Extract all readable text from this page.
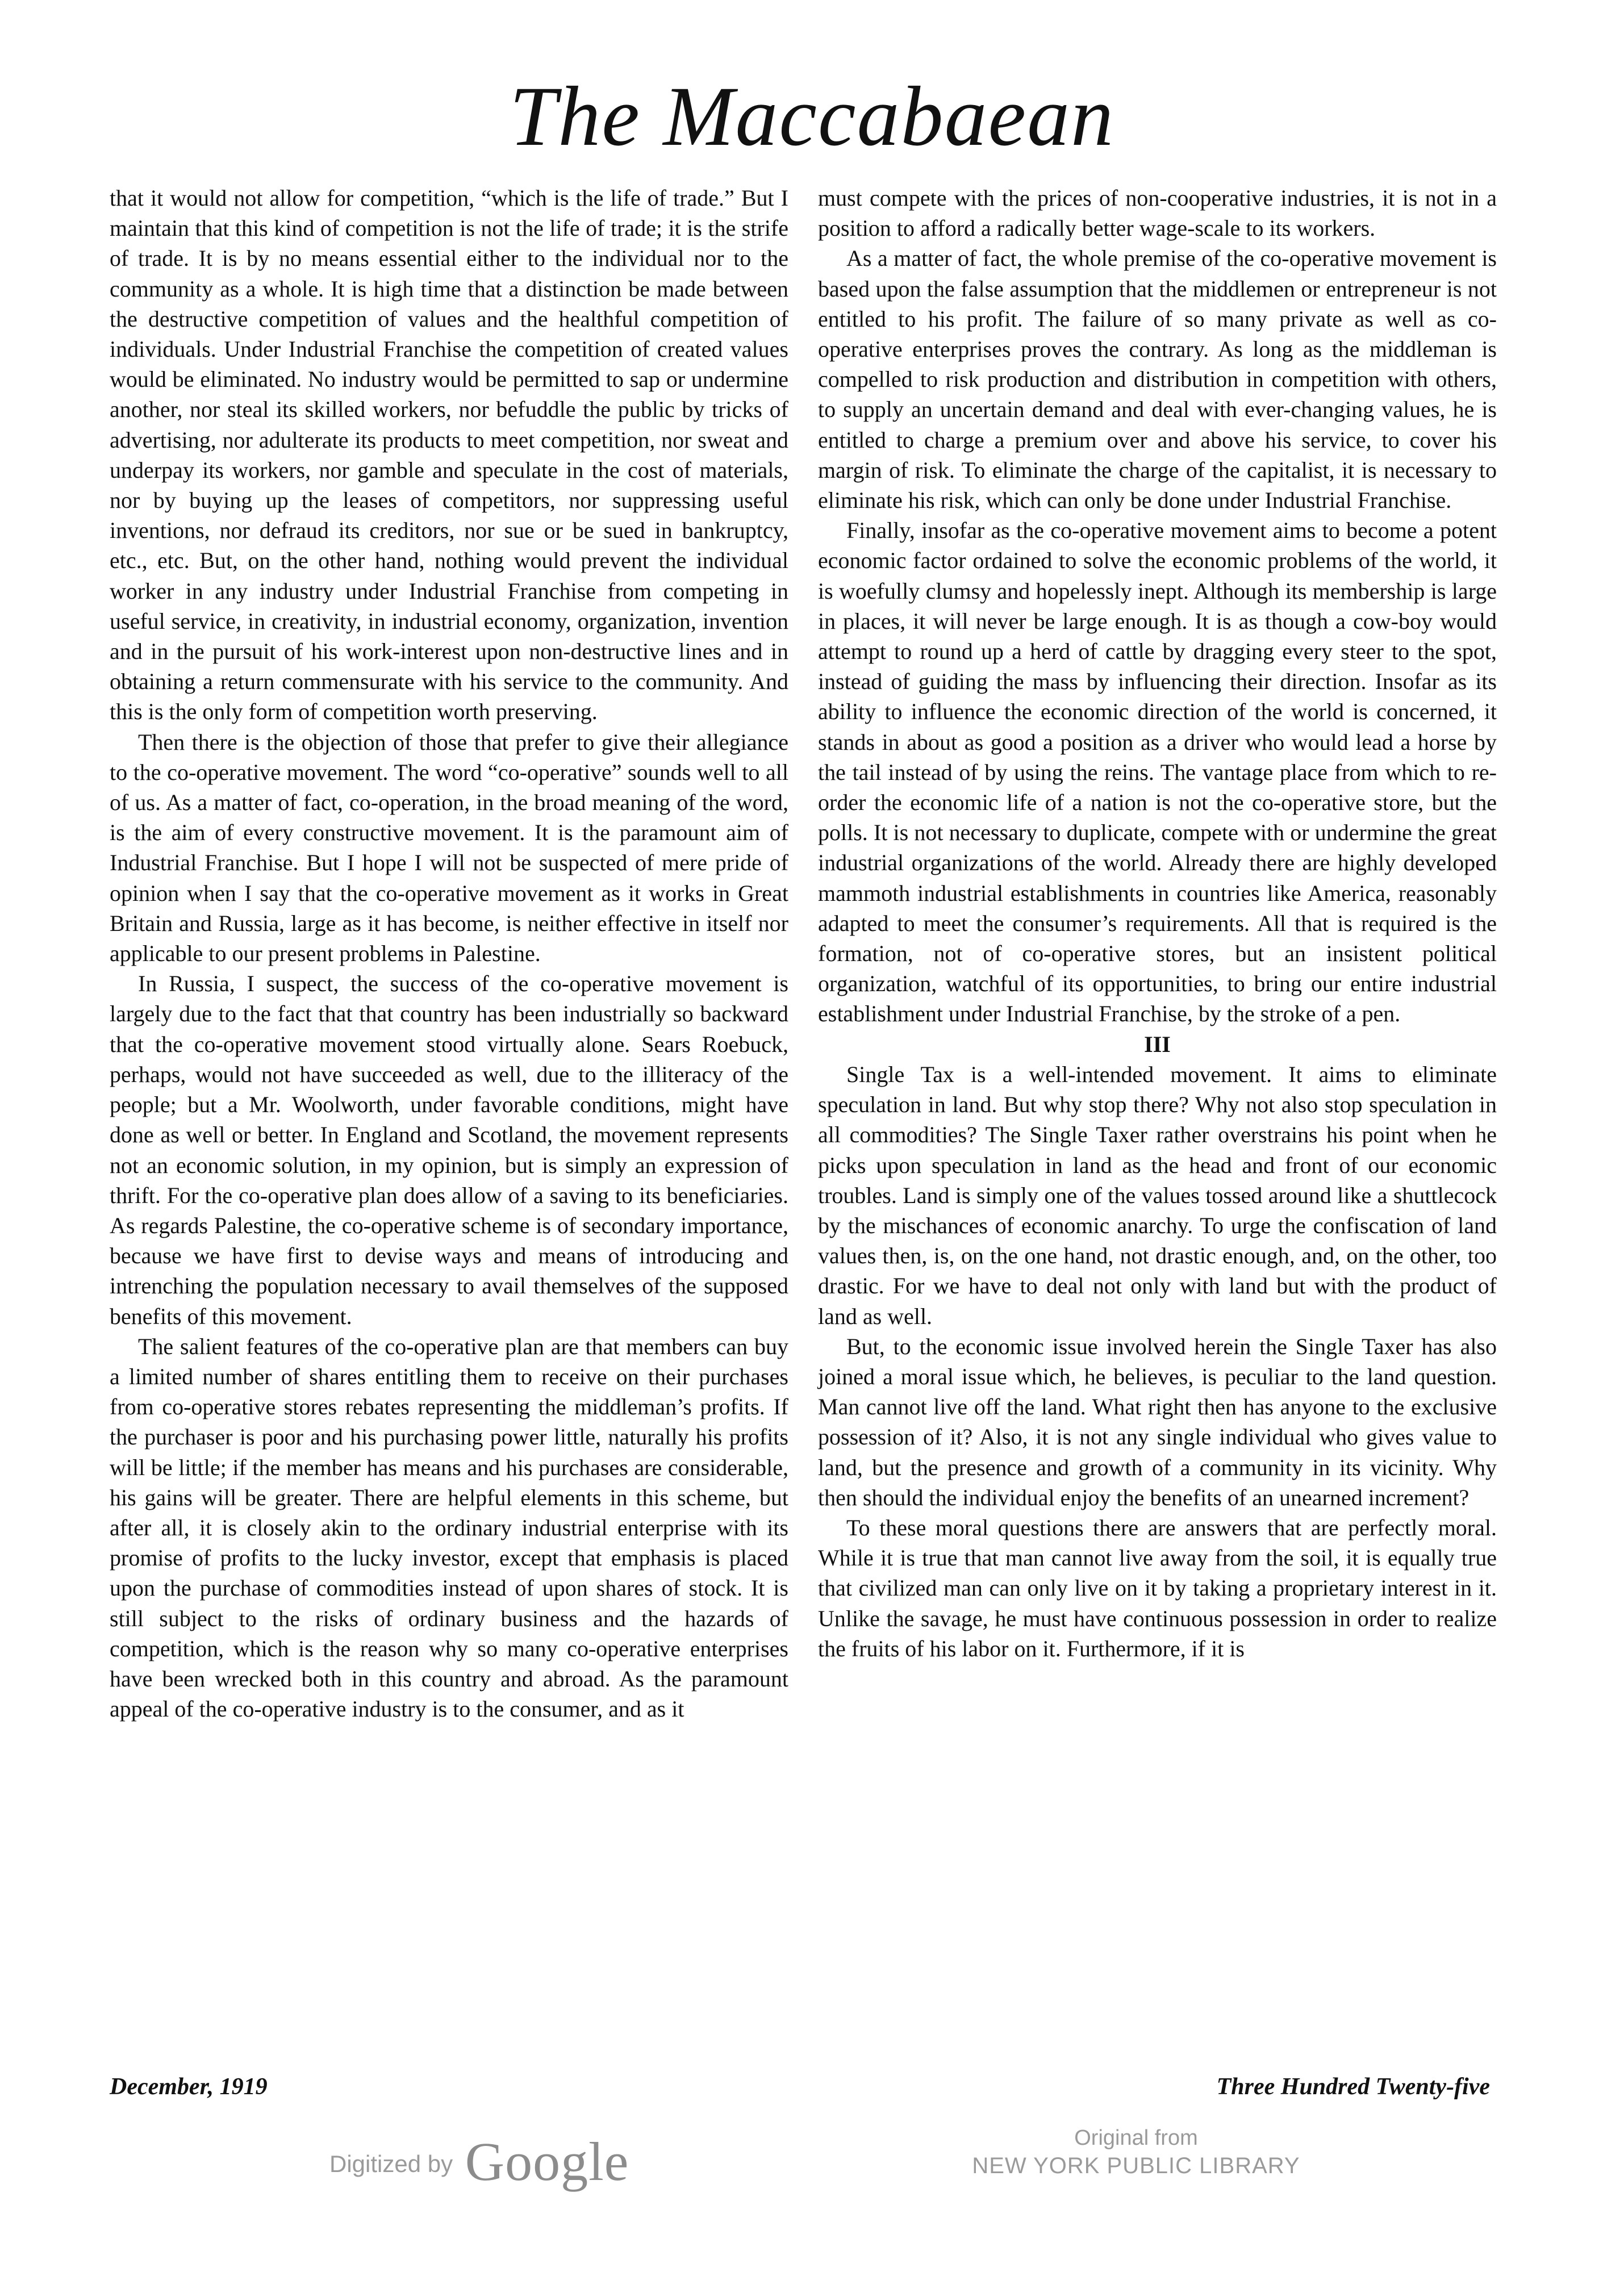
The Maccabaean

that it would not allow for competition, “which is the life of trade.” But I maintain that this kind of competition is not the life of trade; it is the strife of trade. It is by no means essential either to the individual nor to the community as a whole. It is high time that a distinction be made between the destructive competition of values and the healthful competition of individuals. Under Industrial Franchise the competition of created values would be eliminated. No industry would be permitted to sap or undermine another, nor steal its skilled workers, nor befuddle the public by tricks of advertising, nor adulterate its products to meet competition, nor sweat and underpay its workers, nor gamble and speculate in the cost of materials, nor by buying up the leases of competitors, nor suppressing useful inventions, nor defraud its creditors, nor sue or be sued in bankruptcy, etc., etc. But, on the other hand, nothing would prevent the individual worker in any industry under Industrial Franchise from competing in useful service, in creativity, in industrial economy, organization, invention and in the pursuit of his work-interest upon non-destructive lines and in obtaining a return commensurate with his service to the community. And this is the only form of competition worth preserving.

Then there is the objection of those that prefer to give their allegiance to the co-operative movement. The word “co-operative” sounds well to all of us. As a matter of fact, co-operation, in the broad meaning of the word, is the aim of every constructive movement. It is the paramount aim of Industrial Franchise. But I hope I will not be suspected of mere pride of opinion when I say that the co-operative movement as it works in Great Britain and Russia, large as it has become, is neither effective in itself nor applicable to our present problems in Palestine.

In Russia, I suspect, the success of the co-operative movement is largely due to the fact that that country has been industrially so backward that the co-operative movement stood virtually alone. Sears Roebuck, perhaps, would not have succeeded as well, due to the illiteracy of the people; but a Mr. Woolworth, under favorable conditions, might have done as well or better. In England and Scotland, the movement represents not an economic solution, in my opinion, but is simply an expression of thrift. For the co-operative plan does allow of a saving to its beneficiaries. As regards Palestine, the co-operative scheme is of secondary importance, because we have first to devise ways and means of introducing and intrenching the population necessary to avail themselves of the supposed benefits of this movement.

The salient features of the co-operative plan are that members can buy a limited number of shares entitling them to receive on their purchases from co-operative stores rebates representing the middleman’s profits. If the purchaser is poor and his purchasing power little, naturally his profits will be little; if the member has means and his purchases are considerable, his gains will be greater. There are helpful elements in this scheme, but after all, it is closely akin to the ordinary industrial enterprise with its promise of profits to the lucky investor, except that emphasis is placed upon the purchase of commodities instead of upon shares of stock. It is still subject to the risks of ordinary business and the hazards of competition, which is the reason why so many co-operative enterprises have been wrecked both in this country and abroad. As the paramount appeal of the co-operative industry is to the consumer, and as it

must compete with the prices of non-cooperative industries, it is not in a position to afford a radically better wage-scale to its workers.

As a matter of fact, the whole premise of the co-operative movement is based upon the false assumption that the middlemen or entrepreneur is not entitled to his profit. The failure of so many private as well as co-operative enterprises proves the contrary. As long as the middleman is compelled to risk production and distribution in competition with others, to supply an uncertain demand and deal with ever-changing values, he is entitled to charge a premium over and above his service, to cover his margin of risk. To eliminate the charge of the capitalist, it is necessary to eliminate his risk, which can only be done under Industrial Franchise.

Finally, insofar as the co-operative movement aims to become a potent economic factor ordained to solve the economic problems of the world, it is woefully clumsy and hopelessly inept. Although its membership is large in places, it will never be large enough. It is as though a cow-boy would attempt to round up a herd of cattle by dragging every steer to the spot, instead of guiding the mass by influencing their direction. Insofar as its ability to influence the economic direction of the world is concerned, it stands in about as good a position as a driver who would lead a horse by the tail instead of by using the reins. The vantage place from which to re-order the economic life of a nation is not the co-operative store, but the polls. It is not necessary to duplicate, compete with or undermine the great industrial organizations of the world. Already there are highly developed mammoth industrial establishments in countries like America, reasonably adapted to meet the consumer’s requirements. All that is required is the formation, not of co-operative stores, but an insistent political organization, watchful of its opportunities, to bring our entire industrial establishment under Industrial Franchise, by the stroke of a pen.

III

Single Tax is a well-intended movement. It aims to eliminate speculation in land. But why stop there? Why not also stop speculation in all commodities? The Single Taxer rather overstrains his point when he picks upon speculation in land as the head and front of our economic troubles. Land is simply one of the values tossed around like a shuttlecock by the mischances of economic anarchy. To urge the confiscation of land values then, is, on the one hand, not drastic enough, and, on the other, too drastic. For we have to deal not only with land but with the product of land as well.

But, to the economic issue involved herein the Single Taxer has also joined a moral issue which, he believes, is peculiar to the land question. Man cannot live off the land. What right then has anyone to the exclusive possession of it? Also, it is not any single individual who gives value to land, but the presence and growth of a community in its vicinity. Why then should the individual enjoy the benefits of an unearned increment?

To these moral questions there are answers that are perfectly moral. While it is true that man cannot live away from the soil, it is equally true that civilized man can only live on it by taking a proprietary interest in it. Unlike the savage, he must have continuous possession in order to realize the fruits of his labor on it. Furthermore, if it is

December, 1919	Three Hundred Twenty-five
Digitized by Google	Original from
NEW YORK PUBLIC LIBRARY
